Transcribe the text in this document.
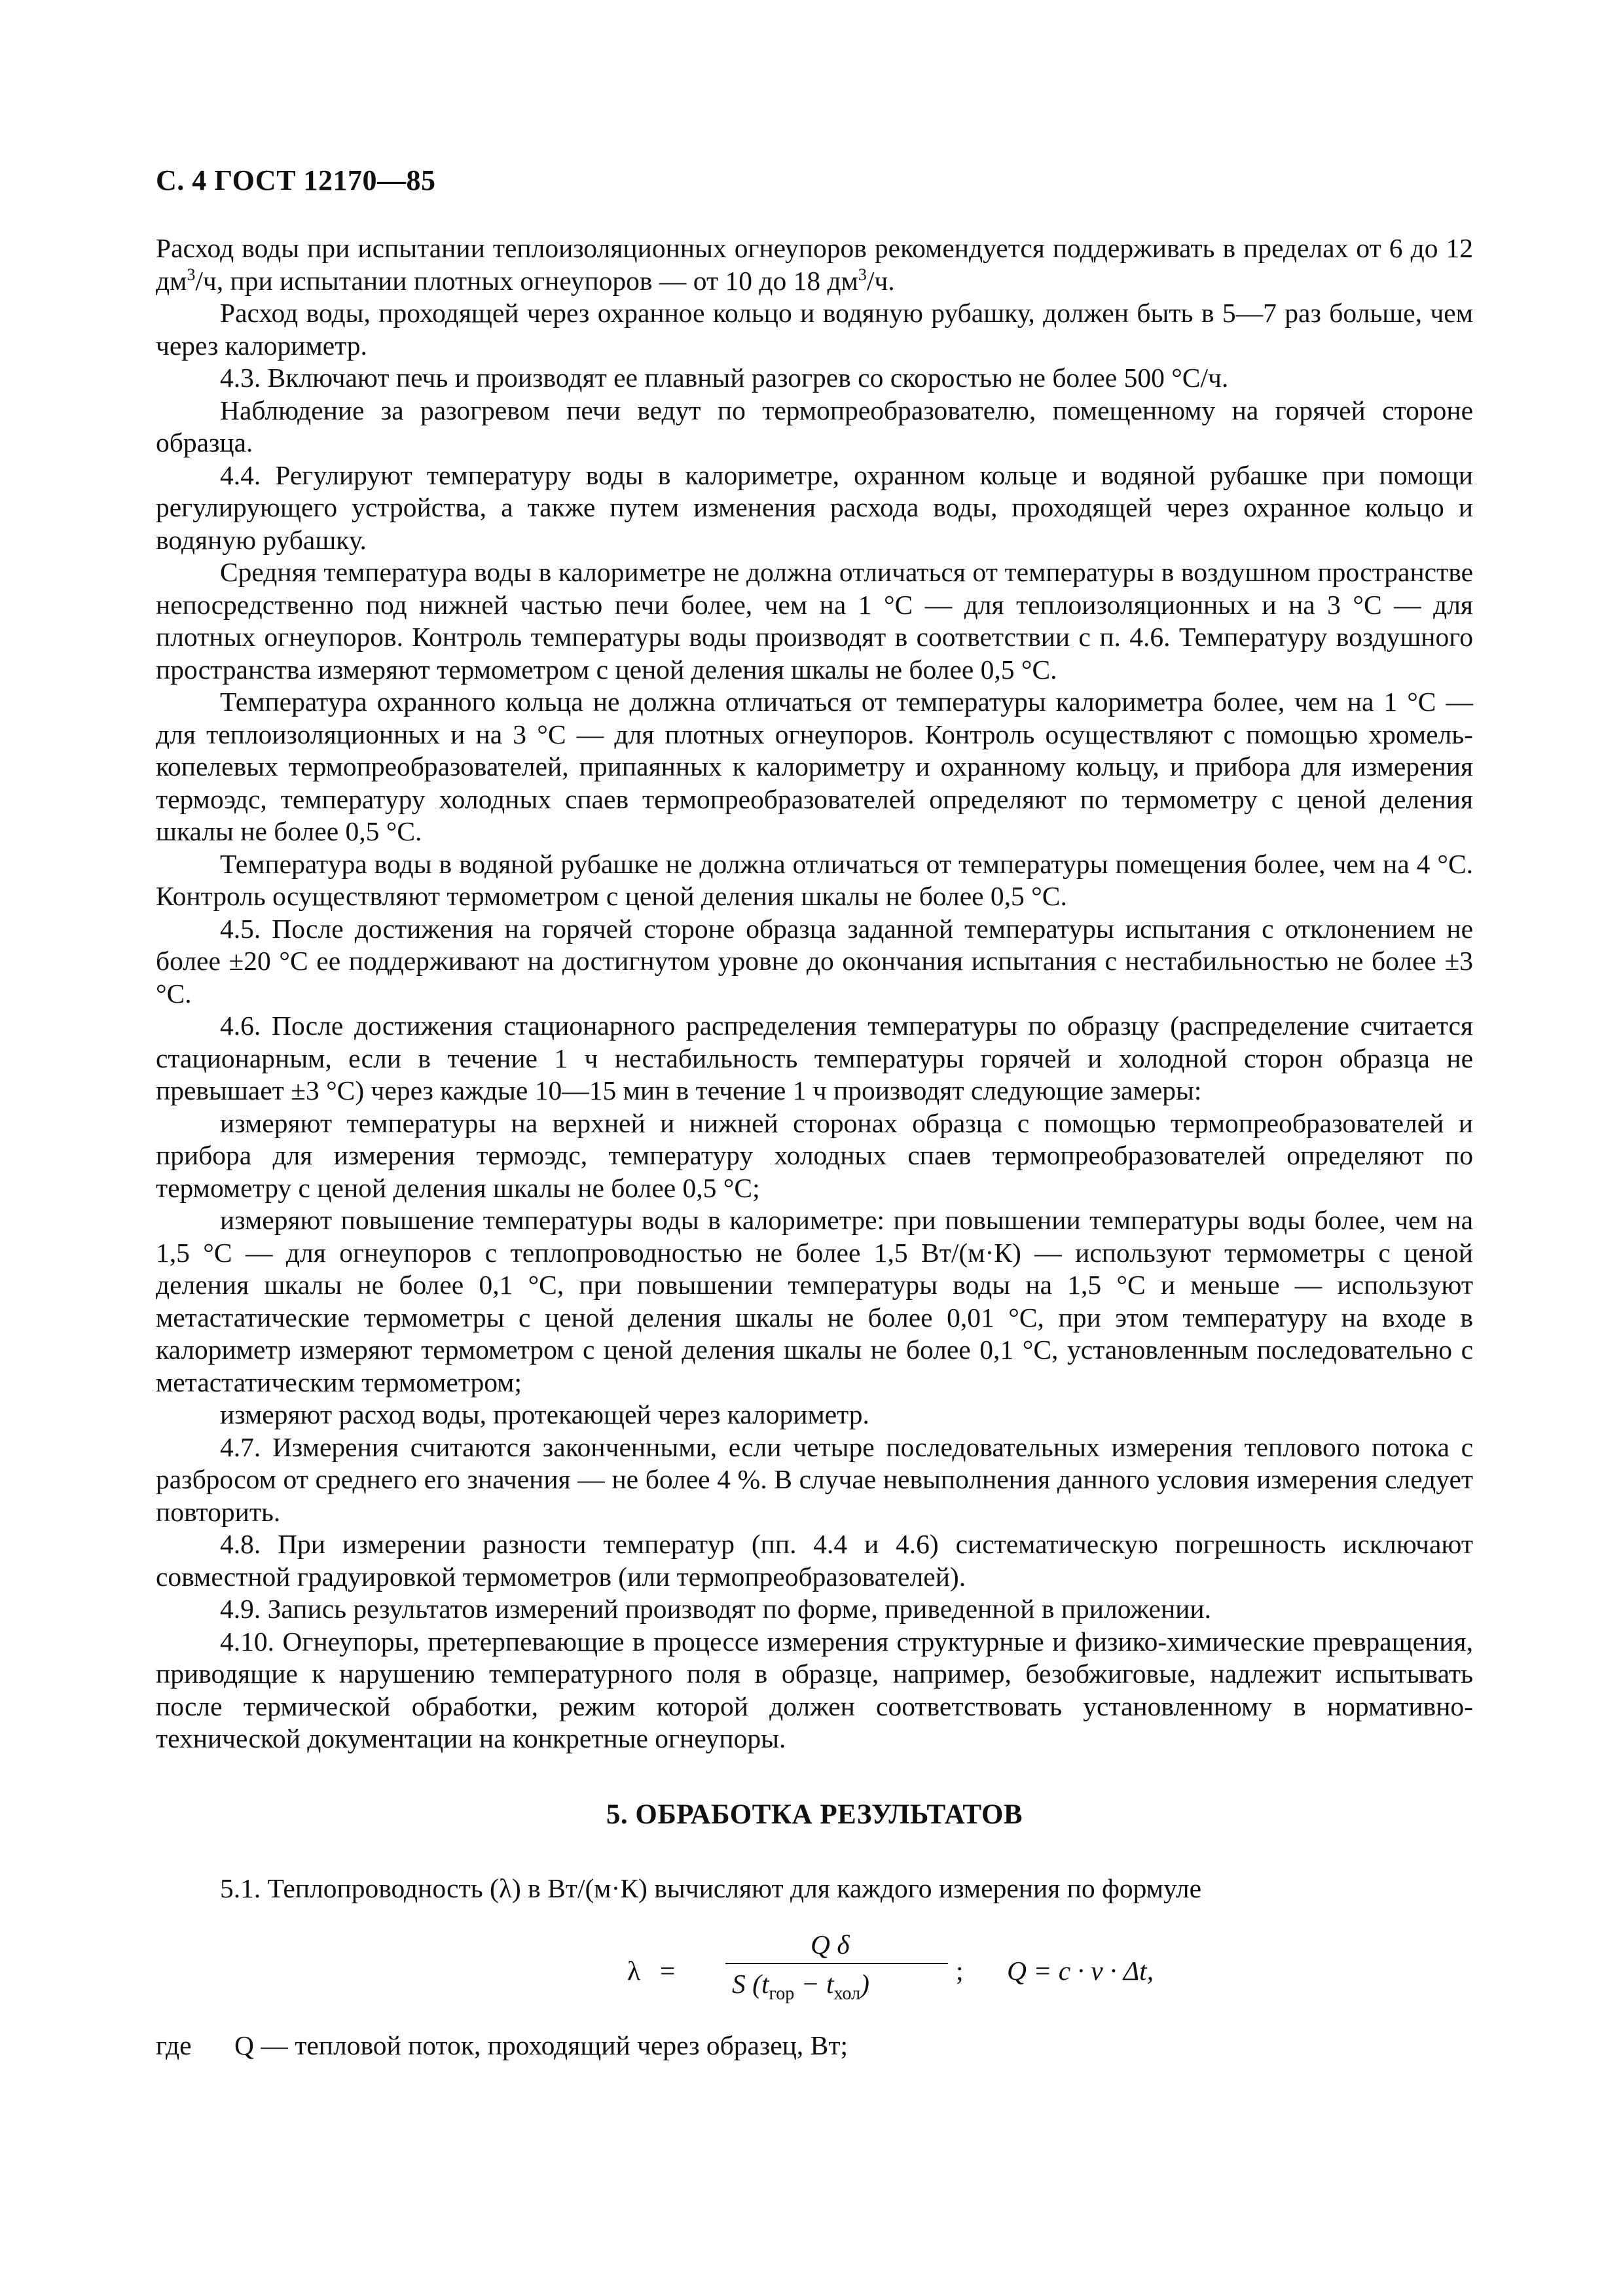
С. 4 ГОСТ 12170—85

Расход воды при испытании теплоизоляционных огнеупоров рекомендуется поддерживать в пределах от 6 до 12 $дм^3/ч$, при испытании плотных огнеупоров — от 10 до 18 $дм^3/ч$.

Расход воды, проходящей через охранное кольцо и водяную рубашку, должен быть в 5—7 раз больше, чем через калориметр.

4.3. Включают печь и производят ее плавный разогрев со скоростью не более 500 °С/ч.

Наблюдение за разогревом печи ведут по термопреобразователю, помещенному на горячей стороне образца.

4.4. Регулируют температуру воды в калориметре, охранном кольце и водяной рубашке при помощи регулирующего устройства, а также путем изменения расхода воды, проходящей через охранное кольцо и водяную рубашку.

Средняя температура воды в калориметре не должна отличаться от температуры в воздушном пространстве непосредственно под нижней частью печи более, чем на 1 °С — для теплоизоляционных и на 3 °С — для плотных огнеупоров. Контроль температуры воды производят в соответствии с п. 4.6. Температуру воздушного пространства измеряют термометром с ценой деления шкалы не более 0,5 °С.

Температура охранного кольца не должна отличаться от температуры калориметра более, чем на 1 °С — для теплоизоляционных и на 3 °С — для плотных огнеупоров. Контроль осуществляют с помощью хромель-копелевых термопреобразователей, припаянных к калориметру и охранному кольцу, и прибора для измерения термоэдс, температуру холодных спаев термопреобразователей определяют по термометру с ценой деления шкалы не более 0,5 °С.

Температура воды в водяной рубашке не должна отличаться от температуры помещения более, чем на 4 °С. Контроль осуществляют термометром с ценой деления шкалы не более 0,5 °С.

4.5. После достижения на горячей стороне образца заданной температуры испытания с отклонением не более ±20 °С ее поддерживают на достигнутом уровне до окончания испытания с нестабильностью не более ±3 °С.

4.6. После достижения стационарного распределения температуры по образцу (распределение считается стационарным, если в течение 1 ч нестабильность температуры горячей и холодной сторон образца не превышает ±3 °С) через каждые 10—15 мин в течение 1 ч производят следующие замеры:

измеряют температуры на верхней и нижней сторонах образца с помощью термопреобразователей и прибора для измерения термоэдс, температуру холодных спаев термопреобразователей определяют по термометру с ценой деления шкалы не более 0,5 °С;

измеряют повышение температуры воды в калориметре: при повышении температуры воды более, чем на 1,5 °С — для огнеупоров с теплопроводностью не более 1,5 Вт/(м·К) — используют термометры с ценой деления шкалы не более 0,1 °С, при повышении температуры воды на 1,5 °С и меньше — используют метастатические термометры с ценой деления шкалы не более 0,01 °С, при этом температуру на входе в калориметр измеряют термометром с ценой деления шкалы не более 0,1 °С, установленным последовательно с метастатическим термометром;

измеряют расход воды, протекающей через калориметр.

4.7. Измерения считаются законченными, если четыре последовательных измерения теплового потока с разбросом от среднего его значения — не более 4 %. В случае невыполнения данного условия измерения следует повторить.

4.8. При измерении разности температур (пп. 4.4 и 4.6) систематическую погрешность исключают совместной градуировкой термометров (или термопреобразователей).

4.9. Запись результатов измерений производят по форме, приведенной в приложении.

4.10. Огнеупоры, претерпевающие в процессе измерения структурные и физико-химические превращения, приводящие к нарушению температурного поля в образце, например, безобжиговые, надлежит испытывать после термической обработки, режим которой должен соответствовать установленному в нормативно-технической документации на конкретные огнеупоры.

5. ОБРАБОТКА РЕЗУЛЬТАТОВ

5.1. Теплопроводность (λ) в Вт/(м·К) вычисляют для каждого измерения по формуле

λ =
Q δ
S $(t_{гор} - t_{хол})$	; Q = c · v · Δt,

где	Q — тепловой поток, проходящий через образец, Вт;
